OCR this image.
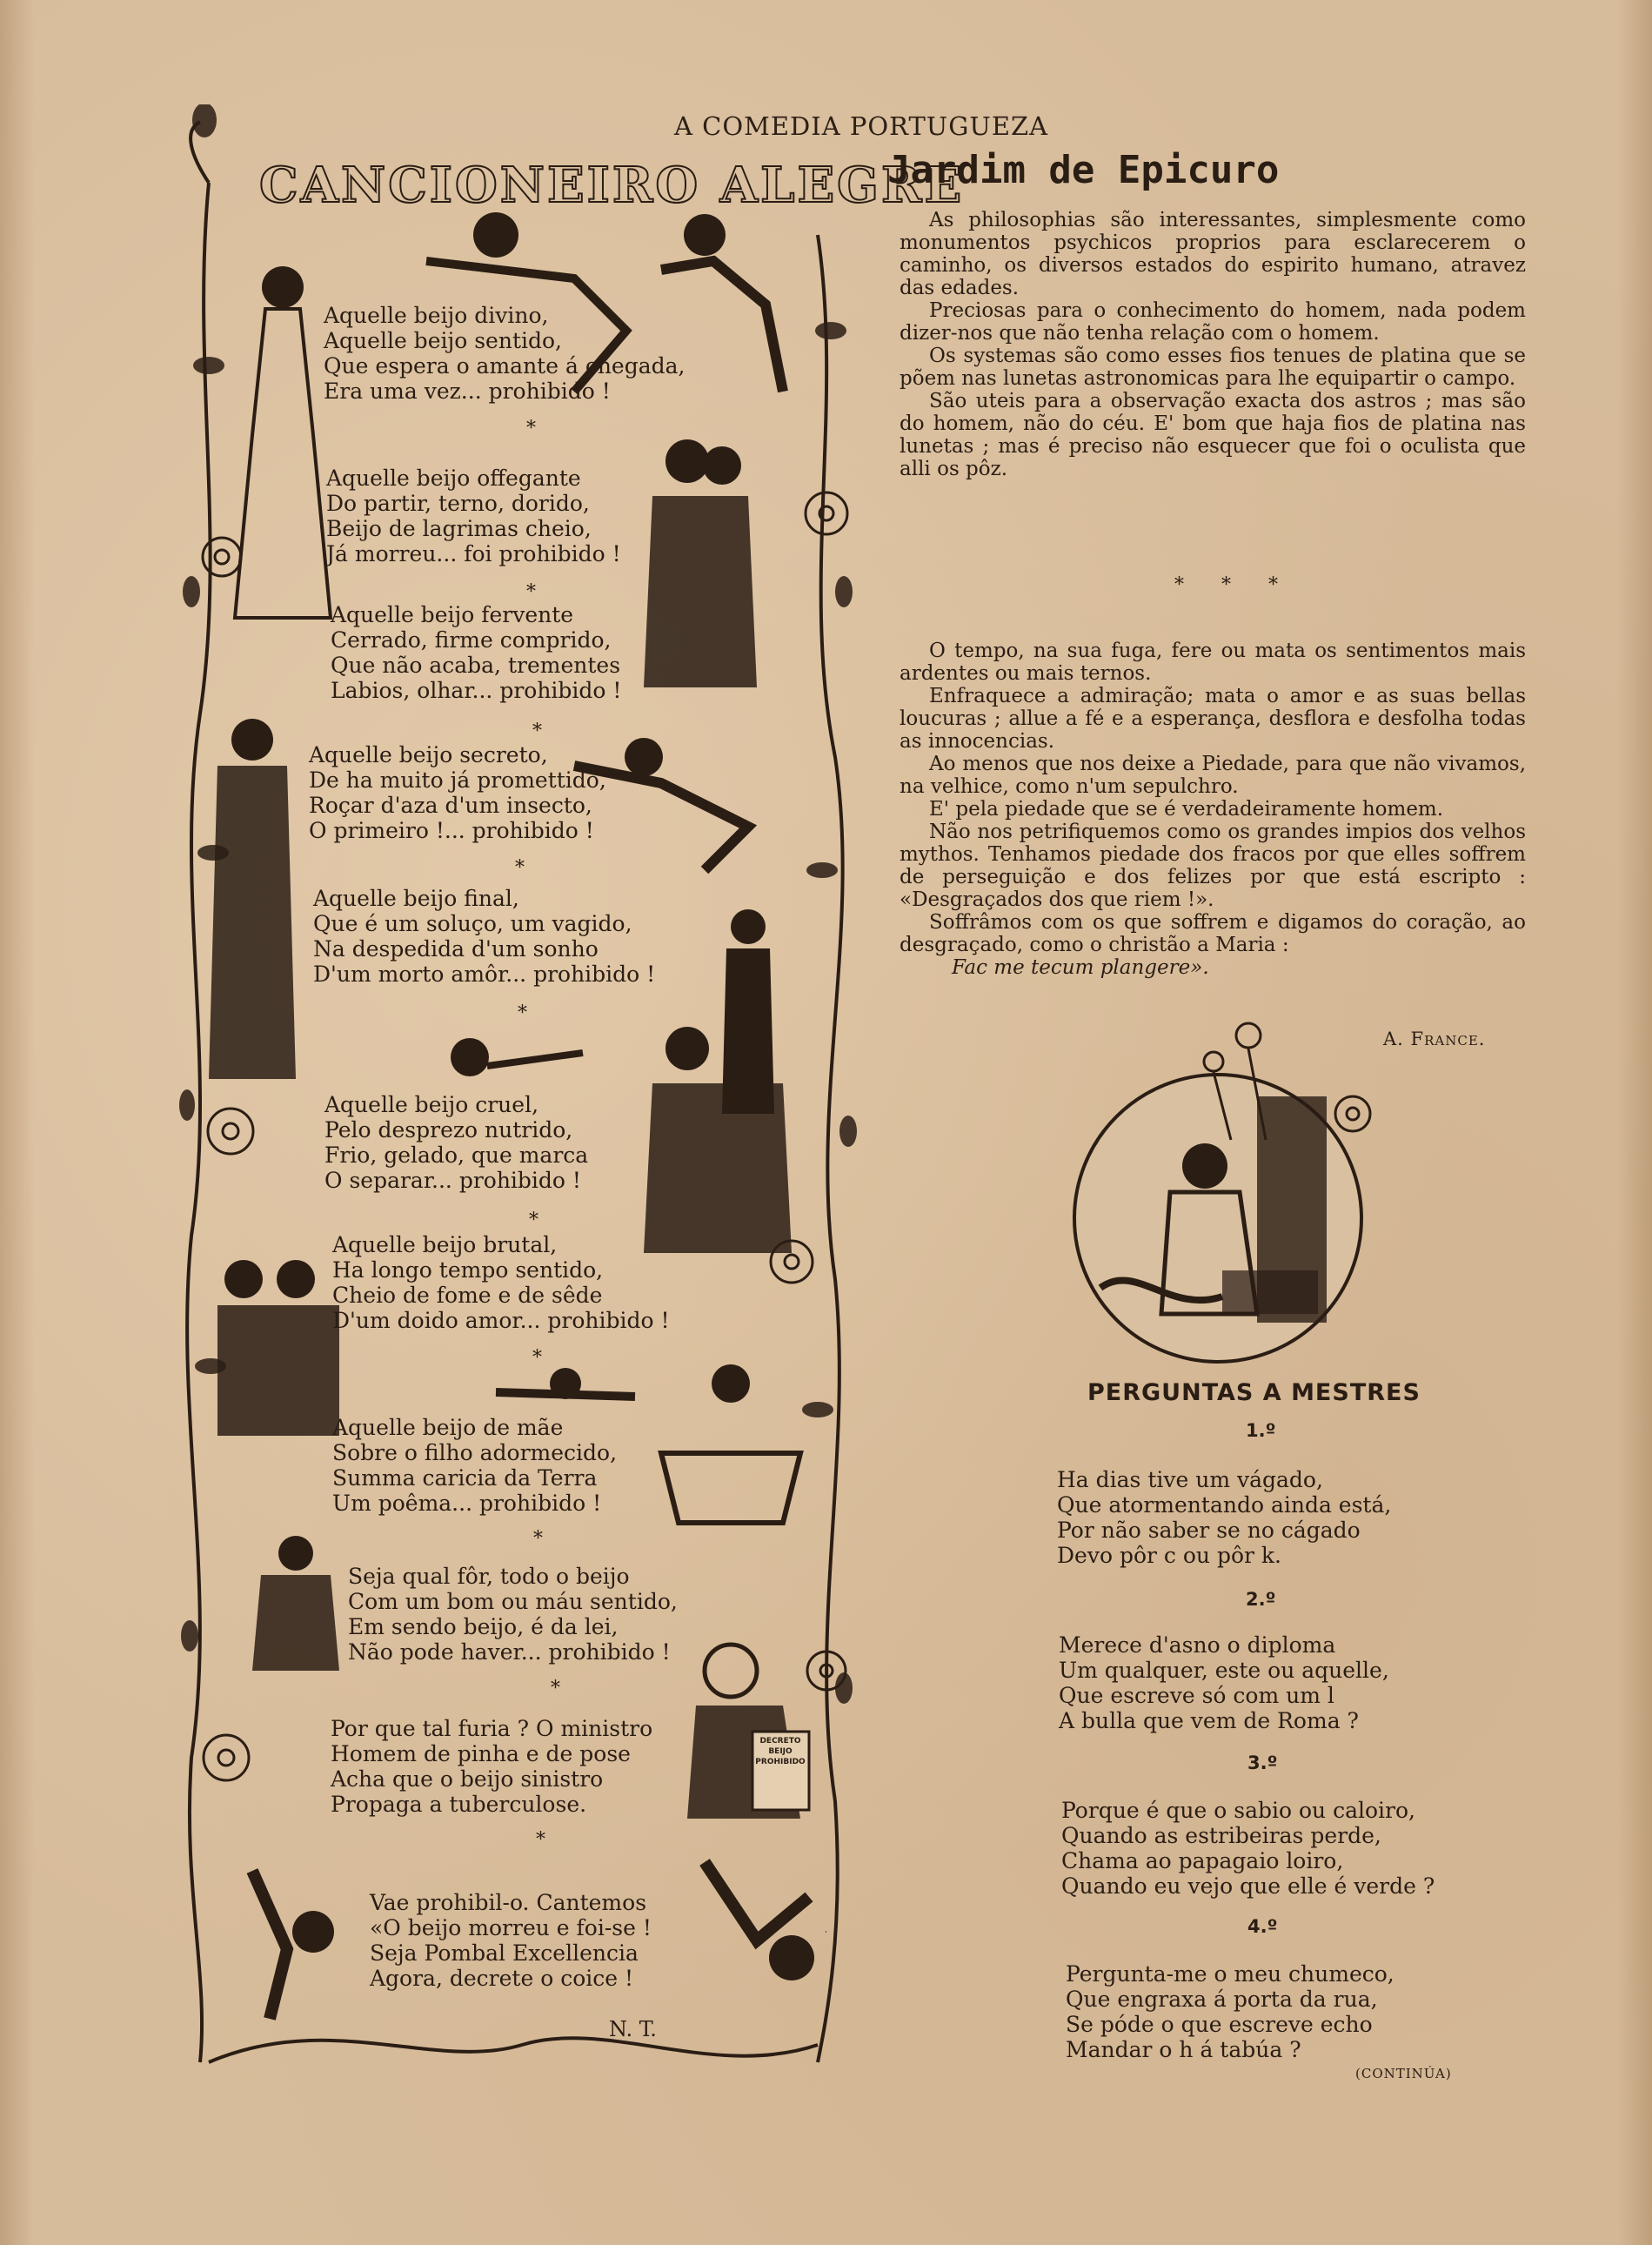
A COMEDIA PORTUGUEZA
DECRETO BEIJO PROHIBIDO
CANCIONEIRO ALEGRE
Aquelle beijo divino,
Aquelle beijo sentido,
Que espera o amante á chegada,
Era uma vez... prohibido !
*
Aquelle beijo offegante
Do partir, terno, dorido,
Beijo de lagrimas cheio,
Já morreu... foi prohibido !
*
Aquelle beijo fervente
Cerrado, firme comprido,
Que não acaba, trementes
Labios, olhar... prohibido !
*
Aquelle beijo secreto,
De ha muito já promettido,
Roçar d'aza d'um insecto,
O primeiro !... prohibido !
*
Aquelle beijo final,
Que é um soluço, um vagido,
Na despedida d'um sonho
D'um morto amôr... prohibido !
*
Aquelle beijo cruel,
Pelo desprezo nutrido,
Frio, gelado, que marca
O separar... prohibido !
*
Aquelle beijo brutal,
Ha longo tempo sentido,
Cheio de fome e de sêde
D'um doido amor... prohibido !
*
Aquelle beijo de mãe
Sobre o filho adormecido,
Summa caricia da Terra
Um poêma... prohibido !
*
Seja qual fôr, todo o beijo
Com um bom ou máu sentido,
Em sendo beijo, é da lei,
Não pode haver... prohibido !
*
Por que tal furia ? O ministro
Homem de pinha e de pose
Acha que o beijo sinistro
Propaga a tuberculose.
*
Vae prohibil-o. Cantemos
«O beijo morreu e foi-se !
Seja Pombal Excellencia
Agora, decrete o coice !
N. T.
Jardim de Epicuro

As philosophias são interessantes, simplesmente como monumentos psychicos proprios para esclarecerem o caminho, os diversos estados do espirito humano, atravez das edades.

Preciosas para o conhecimento do homem, nada podem dizer-nos que não tenha relação com o homem.

Os systemas são como esses fios tenues de platina que se põem nas lunetas astronomicas para lhe equipartir o campo.

São uteis para a observação exacta dos astros ; mas são do homem, não do céu. E' bom que haja fios de platina nas lunetas ; mas é preciso não esquecer que foi o oculista que alli os pôz.

* * *

O tempo, na sua fuga, fere ou mata os sentimentos mais ardentes ou mais ternos.

Enfraquece a admiração; mata o amor e as suas bellas loucuras ; allue a fé e a esperança, desflora e desfolha todas as innocencias.

Ao menos que nos deixe a Piedade, para que não vivamos, na velhice, como n'um sepulchro.

E' pela piedade que se é verdadeiramente homem.

Não nos petrifiquemos como os grandes impios dos velhos mythos. Tenhamos piedade dos fracos por que elles soffrem de perseguição e dos felizes por que está escripto : «Desgraçados dos que riem !».

Soffrâmos com os que soffrem e digamos do coração, ao desgraçado, como o christão a Maria :

Fac me tecum plangere».

A. France.
PERGUNTAS A MESTRES
1.º
Ha dias tive um vágado,
Que atormentando ainda está,
Por não saber se no cágado
Devo pôr c ou pôr k.
2.º
Merece d'asno o diploma
Um qualquer, este ou aquelle,
Que escreve só com um l
A bulla que vem de Roma ?
3.º
Porque é que o sabio ou caloiro,
Quando as estribeiras perde,
Chama ao papagaio loiro,
Quando eu vejo que elle é verde ?
4.º
Pergunta-me o meu chumeco,
Que engraxa á porta da rua,
Se póde o que escreve echo
Mandar o h á tabúa ?
(CONTINÚA)
